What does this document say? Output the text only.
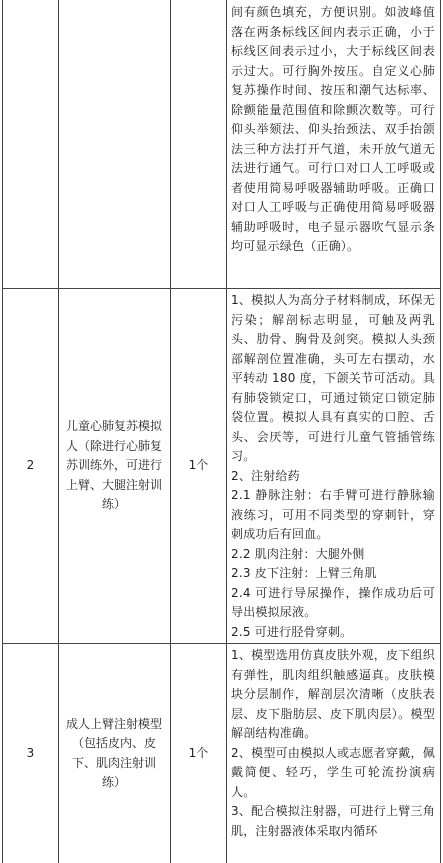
间有颜色填充，方便识别。如波峰值落在两条标线区间内表示正确，小于标线区间表示过小，大于标线区间表示过大。可行胸外按压。自定义心肺复苏操作时间、按压和潮气达标率、除颤能量范围值和除颤次数等。可行仰头举颏法、仰头抬颈法、双手抬颌法三种方法打开气道，未开放气道无法进行通气。可行口对口人工呼吸或者使用简易呼吸器辅助呼吸。正确口对口人工呼吸与正确使用简易呼吸器辅助呼吸时，电子显示器吹气显示条均可显示绿色（正确）。

2
儿童心肺复苏模拟人（除进行心肺复苏训练外，可进行上臂、大腿注射训练）
1个

1、模拟人为高分子材料制成，环保无污染；解剖标志明显，可触及两乳头、肋骨、胸骨及剑突。模拟人头颈部解剖位置准确，头可左右摆动，水平转动 180 度，下颌关节可活动。具有肺袋锁定口，可通过锁定口锁定肺袋位置。模拟人具有真实的口腔、舌头、会厌等，可进行儿童气管插管练习。

2、注射给药

2.1 静脉注射：右手臂可进行静脉输液练习，可用不同类型的穿刺针，穿刺成功后有回血。

2.2 肌肉注射：大腿外侧

2.3 皮下注射：上臂三角肌

2.4 可进行导尿操作，操作成功后可导出模拟尿液。

2.5 可进行胫骨穿刺。

3
成人上臂注射模型（包括皮内、皮下、肌肉注射训练）
1个

1、模型选用仿真皮肤外观，皮下组织有弹性，肌肉组织触感逼真。皮肤模块分层制作，解剖层次清晰（皮肤表层、皮下脂肪层、皮下肌肉层）。模型解剖结构准确。

2、模型可由模拟人或志愿者穿戴，佩戴简便、轻巧，学生可轮流扮演病人。

3、配合模拟注射器，可进行上臂三角肌，注射器液体采取内循环
